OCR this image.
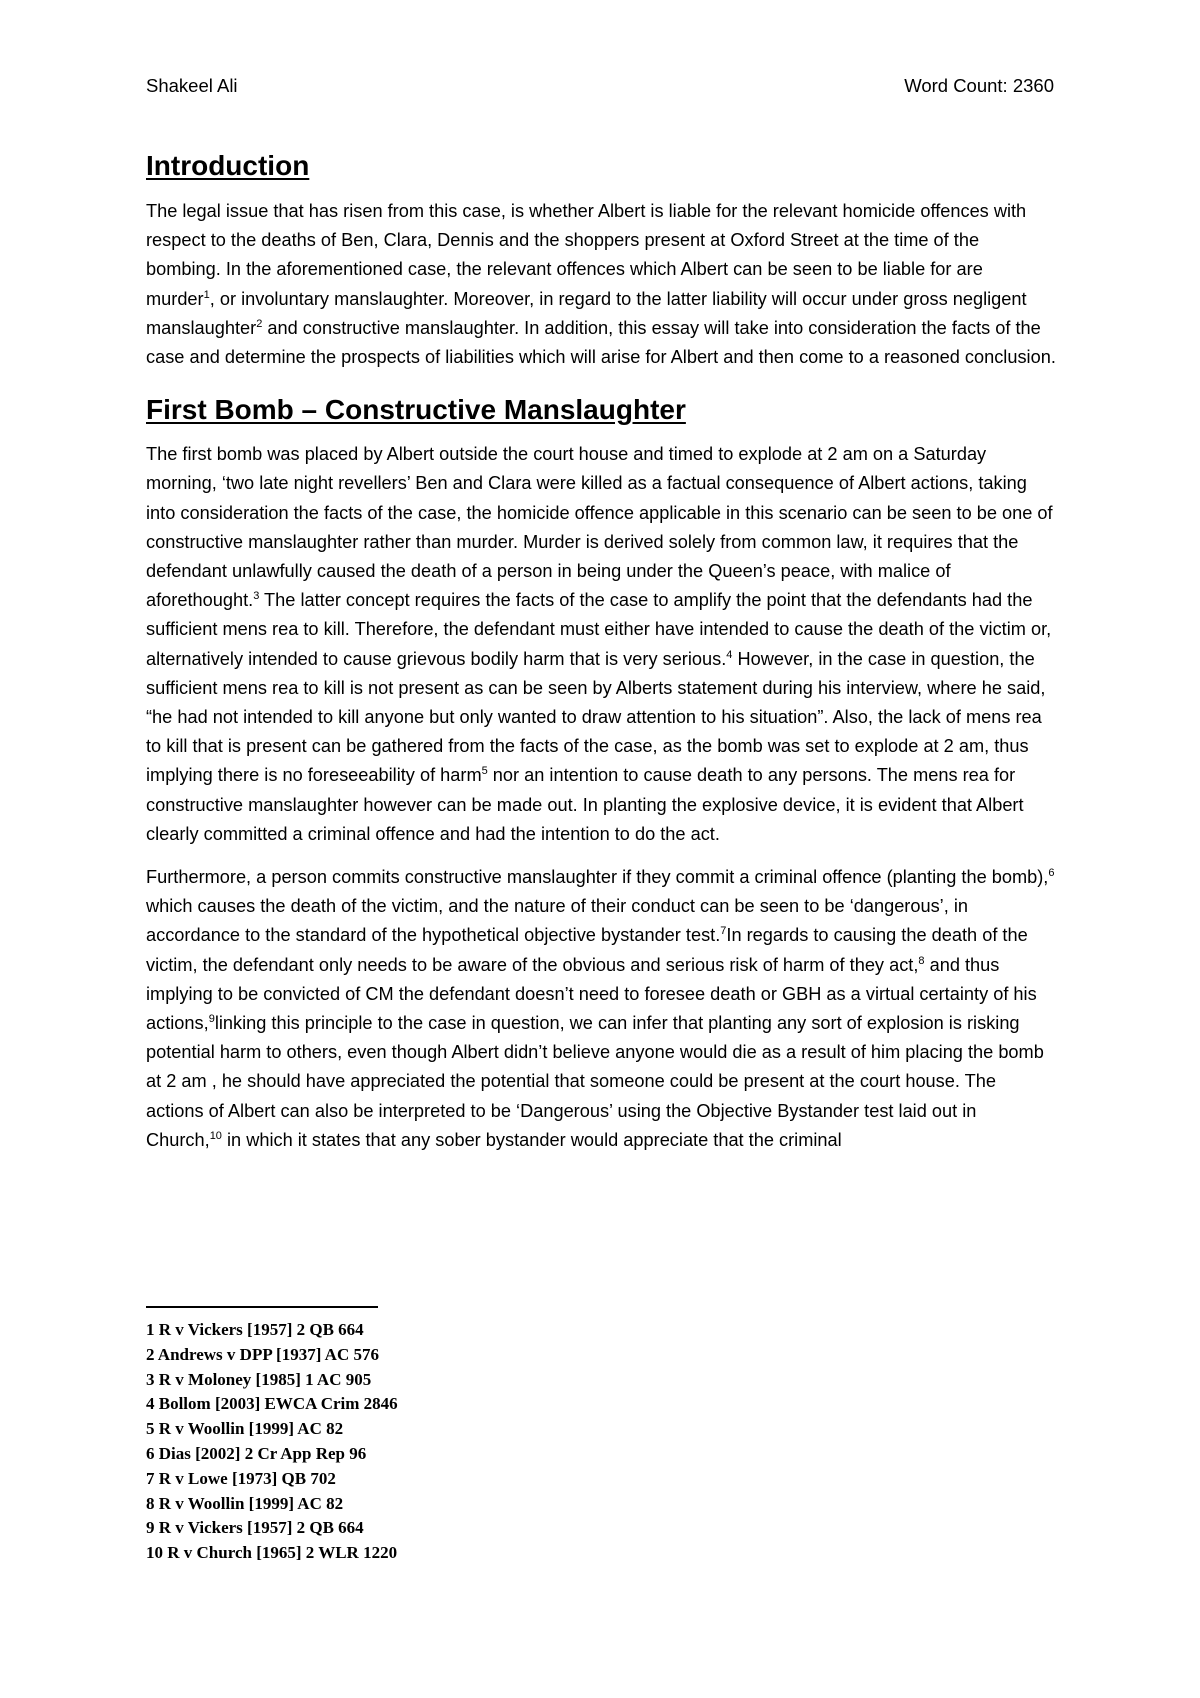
Shakeel Ali	Word Count: 2360
Introduction

The legal issue that has risen from this case, is whether Albert is liable for the relevant homicide offences with respect to the deaths of Ben, Clara, Dennis and the shoppers present at Oxford Street at the time of the bombing. In the aforementioned case, the relevant offences which Albert can be seen to be liable for are murder$^1$, or involuntary manslaughter. Moreover, in regard to the latter liability will occur under gross negligent manslaughter$^2$ and constructive manslaughter. In addition, this essay will take into consideration the facts of the case and determine the prospects of liabilities which will arise for Albert and then come to a reasoned conclusion.

First Bomb – Constructive Manslaughter

The first bomb was placed by Albert outside the court house and timed to explode at 2 am on a Saturday morning, ‘two late night revellers’ Ben and Clara were killed as a factual consequence of Albert actions, taking into consideration the facts of the case, the homicide offence applicable in this scenario can be seen to be one of constructive manslaughter rather than murder. Murder is derived solely from common law, it requires that the defendant unlawfully caused the death of a person in being under the Queen’s peace, with malice of aforethought.$^3$ The latter concept requires the facts of the case to amplify the point that the defendants had the sufficient mens rea to kill. Therefore, the defendant must either have intended to cause the death of the victim or, alternatively intended to cause grievous bodily harm that is very serious.$^4$ However, in the case in question, the sufficient mens rea to kill is not present as can be seen by Alberts statement during his interview, where he said, “he had not intended to kill anyone but only wanted to draw attention to his situation”. Also, the lack of mens rea to kill that is present can be gathered from the facts of the case, as the bomb was set to explode at 2 am, thus implying there is no foreseeability of harm$^5$ nor an intention to cause death to any persons. The mens rea for constructive manslaughter however can be made out. In planting the explosive device, it is evident that Albert clearly committed a criminal offence and had the intention to do the act.

Furthermore, a person commits constructive manslaughter if they commit a criminal offence (planting the bomb),$^6$ which causes the death of the victim, and the nature of their conduct can be seen to be ‘dangerous’, in accordance to the standard of the hypothetical objective bystander test.$^7$In regards to causing the death of the victim, the defendant only needs to be aware of the obvious and serious risk of harm of they act,$^8$ and thus implying to be convicted of CM the defendant doesn’t need to foresee death or GBH as a virtual certainty of his actions,$^9$linking this principle to the case in question, we can infer that planting any sort of explosion is risking potential harm to others, even though Albert didn’t believe anyone would die as a result of him placing the bomb at 2 am , he should have appreciated the potential that someone could be present at the court house. The actions of Albert can also be interpreted to be ‘Dangerous’ using the Objective Bystander test laid out in Church,$^{10}$ in which it states that any sober bystander would appreciate that the criminal

1 R v Vickers [1957] 2 QB 664
2 Andrews v DPP [1937] AC 576
3 R v Moloney [1985] 1 AC 905
4 Bollom [2003] EWCA Crim 2846
5 R v Woollin [1999] AC 82
6 Dias [2002] 2 Cr App Rep 96
7 R v Lowe [1973] QB 702
8 R v Woollin [1999] AC 82
9 R v Vickers [1957] 2 QB 664
10 R v Church [1965] 2 WLR 1220
